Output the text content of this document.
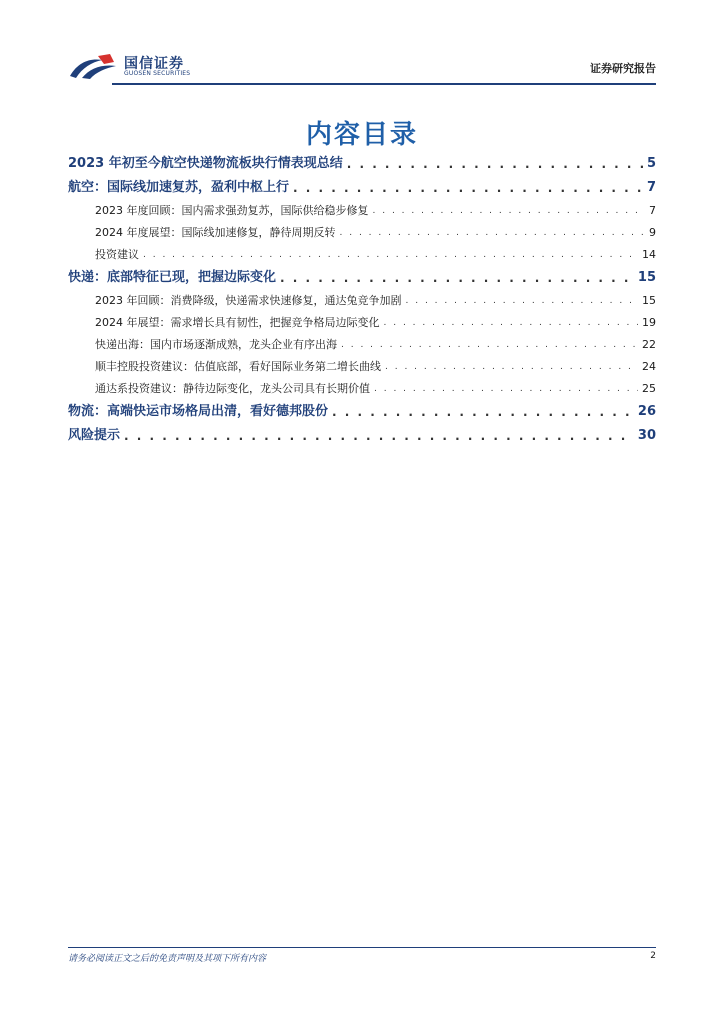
国信证券
GUOSEN SECURITIES	证券研究报告
内容目录
2023 年初至今航空快递物流板块行情表现总结 . . .	5
航空：国际线加速复苏，盈利中枢上行 . . .	7
2023 年度回顾：国内需求强劲复苏，国际供给稳步修复 . . .	7
2024 年度展望：国际线加速修复，静待周期反转 . . .	9
投资建议 . . .	14
快递：底部特征已现，把握边际变化 . . .	15
2023 年回顾：消费降级，快递需求快速修复，通达兔竞争加剧 . . .	15
2024 年展望：需求增长具有韧性，把握竞争格局边际变化 . . .	19
快递出海：国内市场逐渐成熟，龙头企业有序出海 . . .	22
顺丰控股投资建议：估值底部，看好国际业务第二增长曲线 . . .	24
通达系投资建议：静待边际变化，龙头公司具有长期价值 . . .	25
物流：高端快运市场格局出清，看好德邦股份 . . .	26
风险提示 . . .	30
请务必阅读正文之后的免责声明及其项下所有内容	2
